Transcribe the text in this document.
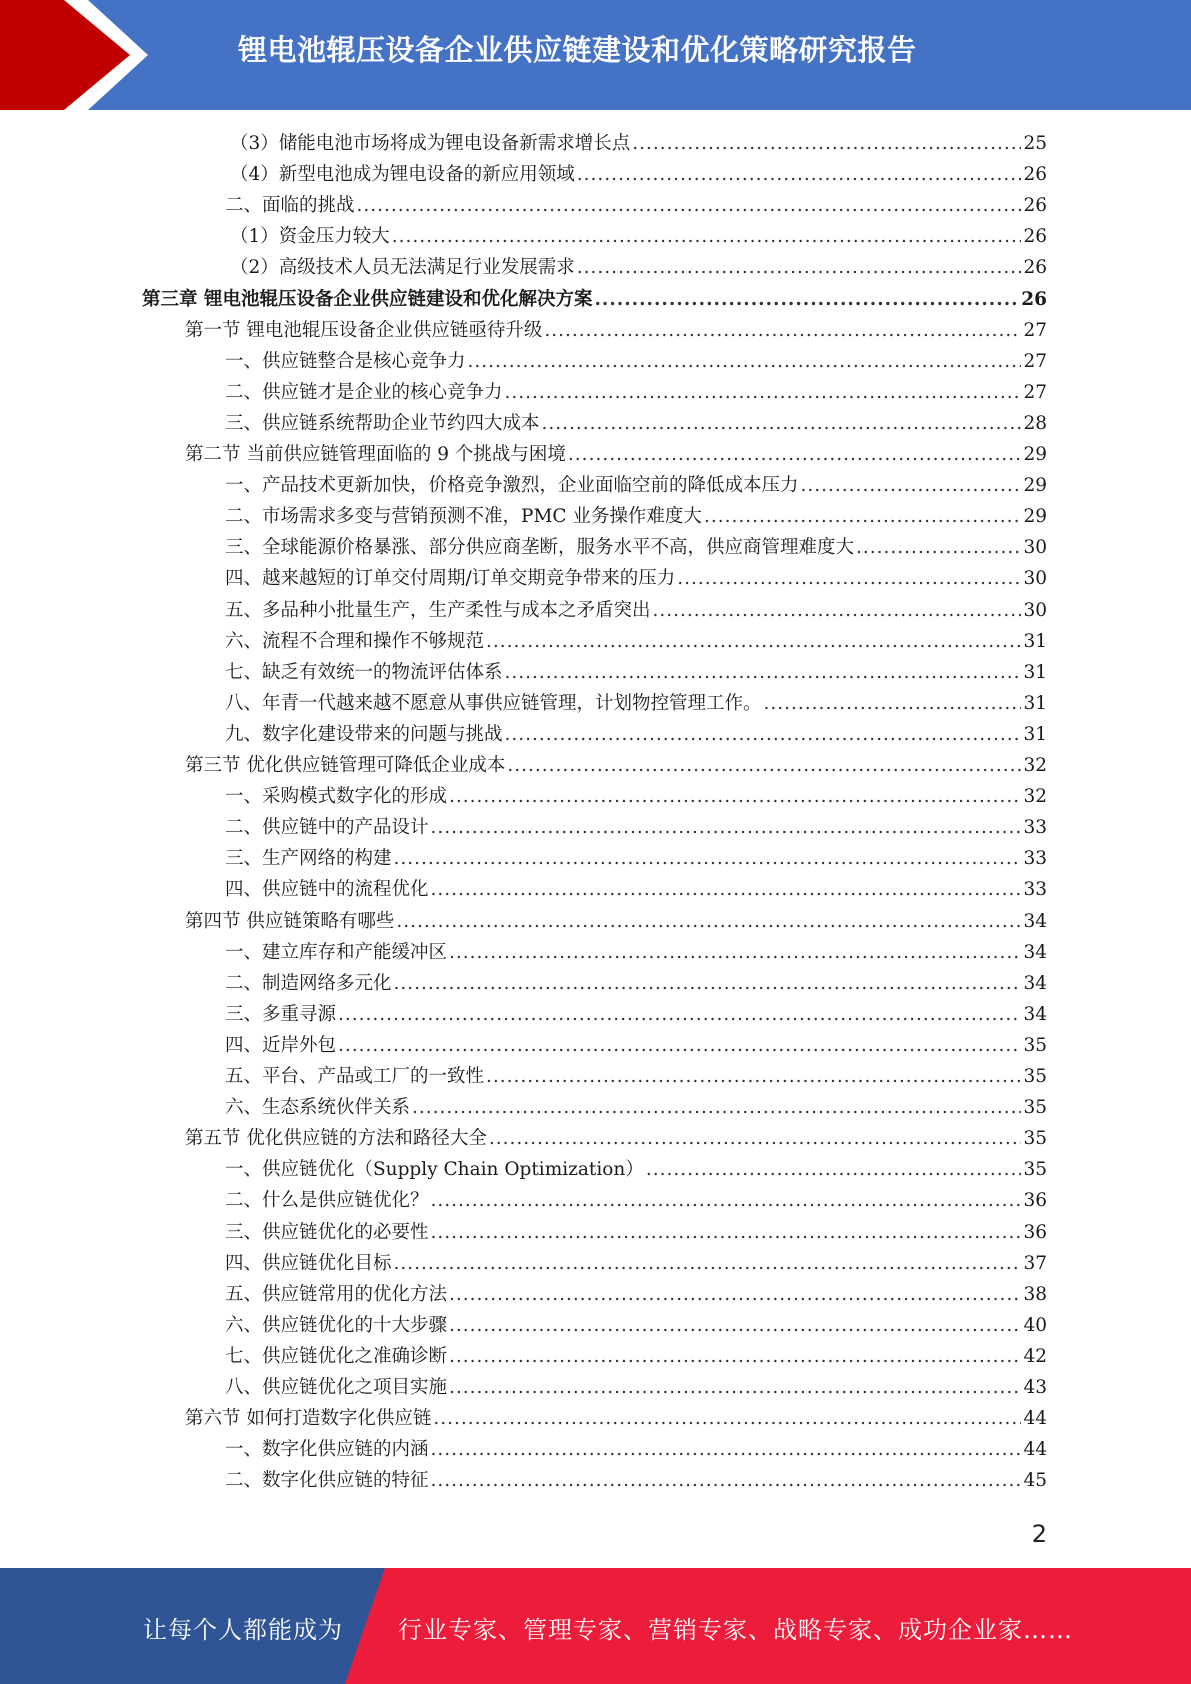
锂电池辊压设备企业供应链建设和优化策略研究报告
（3）储能电池市场将成为锂电设备新需求增长点 .....	25
（4）新型电池成为锂电设备的新应用领域 .....	26
二、面临的挑战 .....	26
（1）资金压力较大 .....	26
（2）高级技术人员无法满足行业发展需求 .....	26
第三章 锂电池辊压设备企业供应链建设和优化解决方案 .....	26
第一节 锂电池辊压设备企业供应链亟待升级 .....	27
一、供应链整合是核心竞争力 .....	27
二、供应链才是企业的核心竞争力 .....	27
三、供应链系统帮助企业节约四大成本 .....	28
第二节 当前供应链管理面临的 9 个挑战与困境 .....	29
一、产品技术更新加快，价格竞争激烈，企业面临空前的降低成本压力 .....	29
二、市场需求多变与营销预测不准，PMC 业务操作难度大 .....	29
三、全球能源价格暴涨、部分供应商垄断，服务水平不高，供应商管理难度大 .....	30
四、越来越短的订单交付周期/订单交期竞争带来的压力 .....	30
五、多品种小批量生产，生产柔性与成本之矛盾突出 .....	30
六、流程不合理和操作不够规范 .....	31
七、缺乏有效统一的物流评估体系 .....	31
八、年青一代越来越不愿意从事供应链管理，计划物控管理工作。 .....	31
九、数字化建设带来的问题与挑战 .....	31
第三节 优化供应链管理可降低企业成本 .....	32
一、采购模式数字化的形成 .....	32
二、供应链中的产品设计 .....	33
三、生产网络的构建 .....	33
四、供应链中的流程优化 .....	33
第四节 供应链策略有哪些 .....	34
一、建立库存和产能缓冲区 .....	34
二、制造网络多元化 .....	34
三、多重寻源 .....	34
四、近岸外包 .....	35
五、平台、产品或工厂的一致性 .....	35
六、生态系统伙伴关系 .....	35
第五节 优化供应链的方法和路径大全 .....	35
一、供应链优化（Supply Chain Optimization） .....	35
二、什么是供应链优化？ .....	36
三、供应链优化的必要性 .....	36
四、供应链优化目标 .....	37
五、供应链常用的优化方法 .....	38
六、供应链优化的十大步骤 .....	40
七、供应链优化之准确诊断 .....	42
八、供应链优化之项目实施 .....	43
第六节 如何打造数字化供应链 .....	44
一、数字化供应链的内涵 .....	44
二、数字化供应链的特征 .....	45
2
让每个人都能成为 行业专家、管理专家、营销专家、战略专家、成功企业家……
